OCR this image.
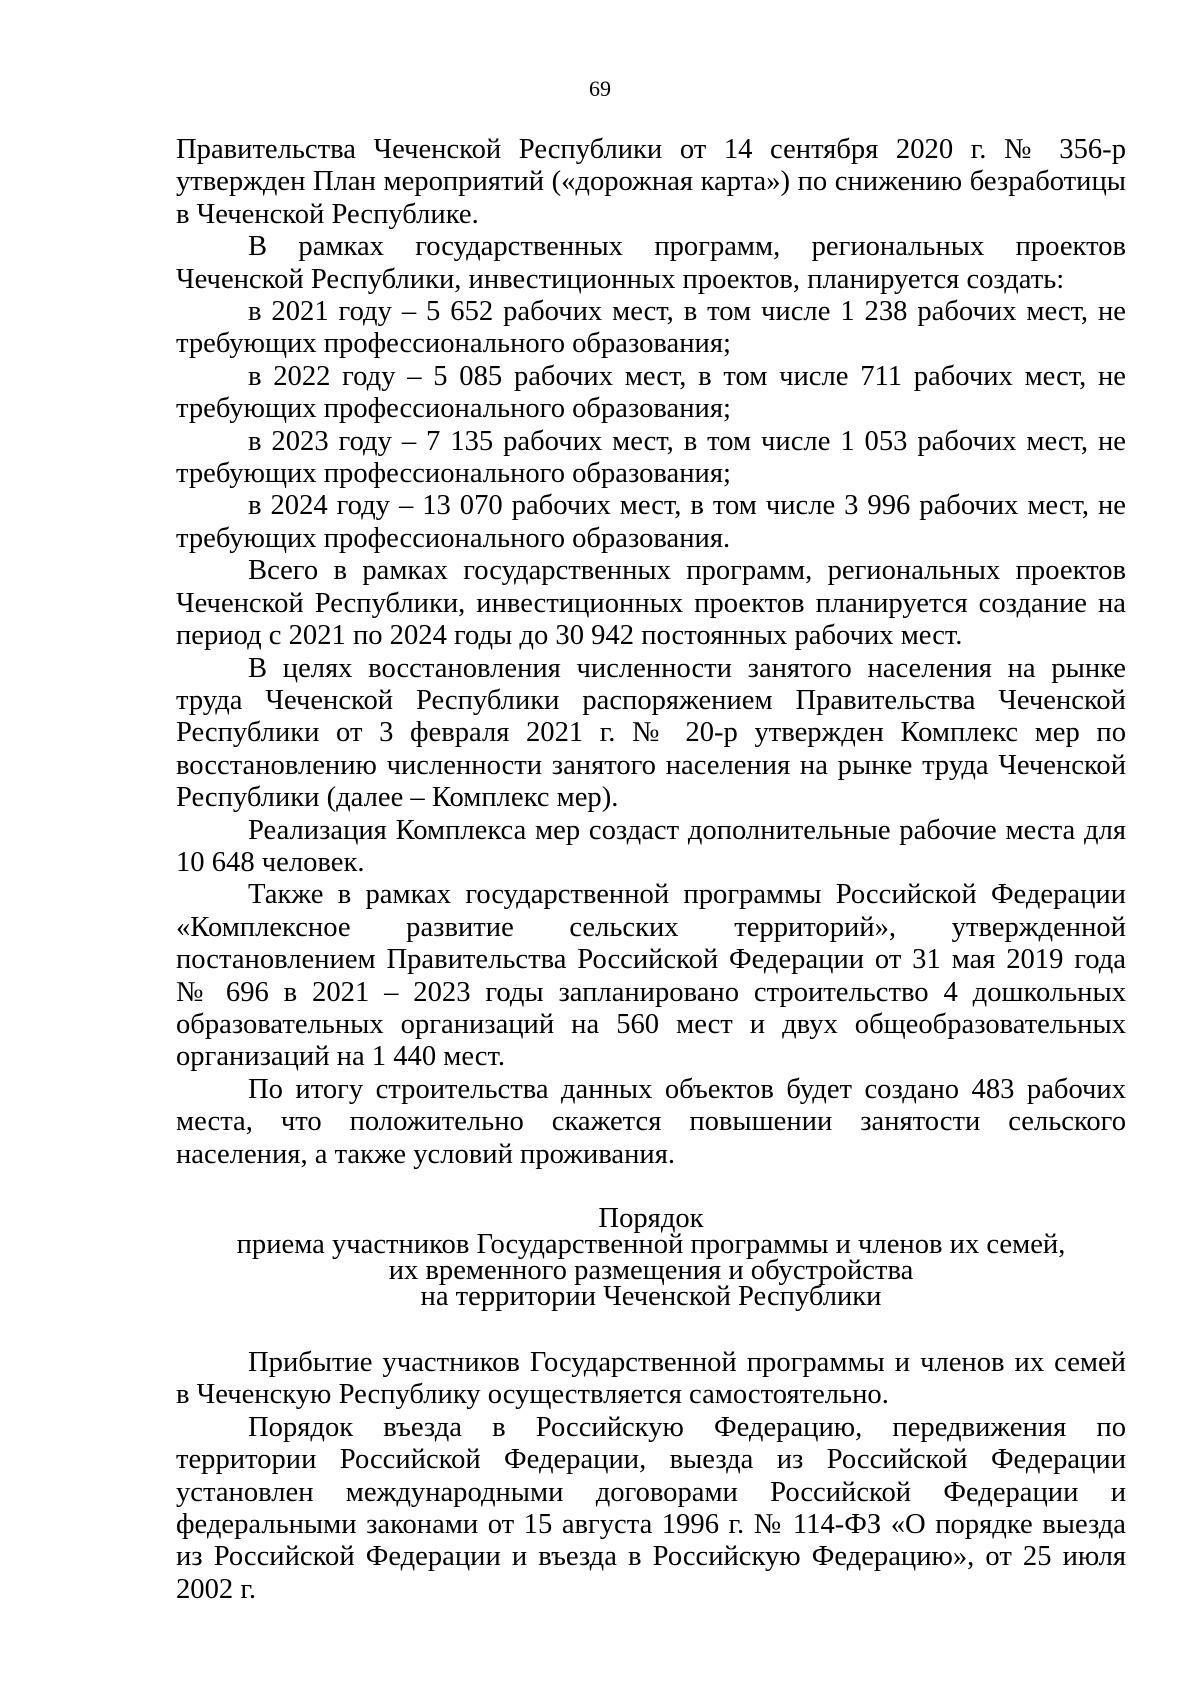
69

Правительства Чеченской Республики от 14 сентября 2020 г. № 356-р утвержден План мероприятий («дорожная карта») по снижению безработицы в Чеченской Республике.

В рамках государственных программ, региональных проектов Чеченской Республики, инвестиционных проектов, планируется создать:

в 2021 году – 5 652 рабочих мест, в том числе 1 238 рабочих мест, не требующих профессионального образования;

в 2022 году – 5 085 рабочих мест, в том числе 711 рабочих мест, не требующих профессионального образования;

в 2023 году – 7 135 рабочих мест, в том числе 1 053 рабочих мест, не требующих профессионального образования;

в 2024 году – 13 070 рабочих мест, в том числе 3 996 рабочих мест, не требующих профессионального образования.

Всего в рамках государственных программ, региональных проектов Чеченской Республики, инвестиционных проектов планируется создание на период с 2021 по 2024 годы до 30 942 постоянных рабочих мест.

В целях восстановления численности занятого населения на рынке труда Чеченской Республики распоряжением Правительства Чеченской Республики от 3 февраля 2021 г. № 20-р утвержден Комплекс мер по восстановлению численности занятого населения на рынке труда Чеченской Республики (далее – Комплекс мер).

Реализация Комплекса мер создаст дополнительные рабочие места для 10 648 человек.

Также в рамках государственной программы Российской Федерации «Комплексное развитие сельских территорий», утвержденной постановлением Правительства Российской Федерации от 31 мая 2019 года № 696 в 2021 – 2023 годы запланировано строительство 4 дошкольных образовательных организаций на 560 мест и двух общеобразовательных организаций на 1 440 мест.

По итогу строительства данных объектов будет создано 483 рабочих места, что положительно скажется повышении занятости сельского населения, а также условий проживания.

Порядок
приема участников Государственной программы и членов их семей,
их временного размещения и обустройства
на территории Чеченской Республики

Прибытие участников Государственной программы и членов их семей в Чеченскую Республику осуществляется самостоятельно.

Порядок въезда в Российскую Федерацию, передвижения по территории Российской Федерации, выезда из Российской Федерации установлен международными договорами Российской Федерации и федеральными законами от 15 августа 1996 г. № 114-ФЗ «О порядке выезда из Российской Федерации и въезда в Российскую Федерацию», от 25 июля 2002 г.
